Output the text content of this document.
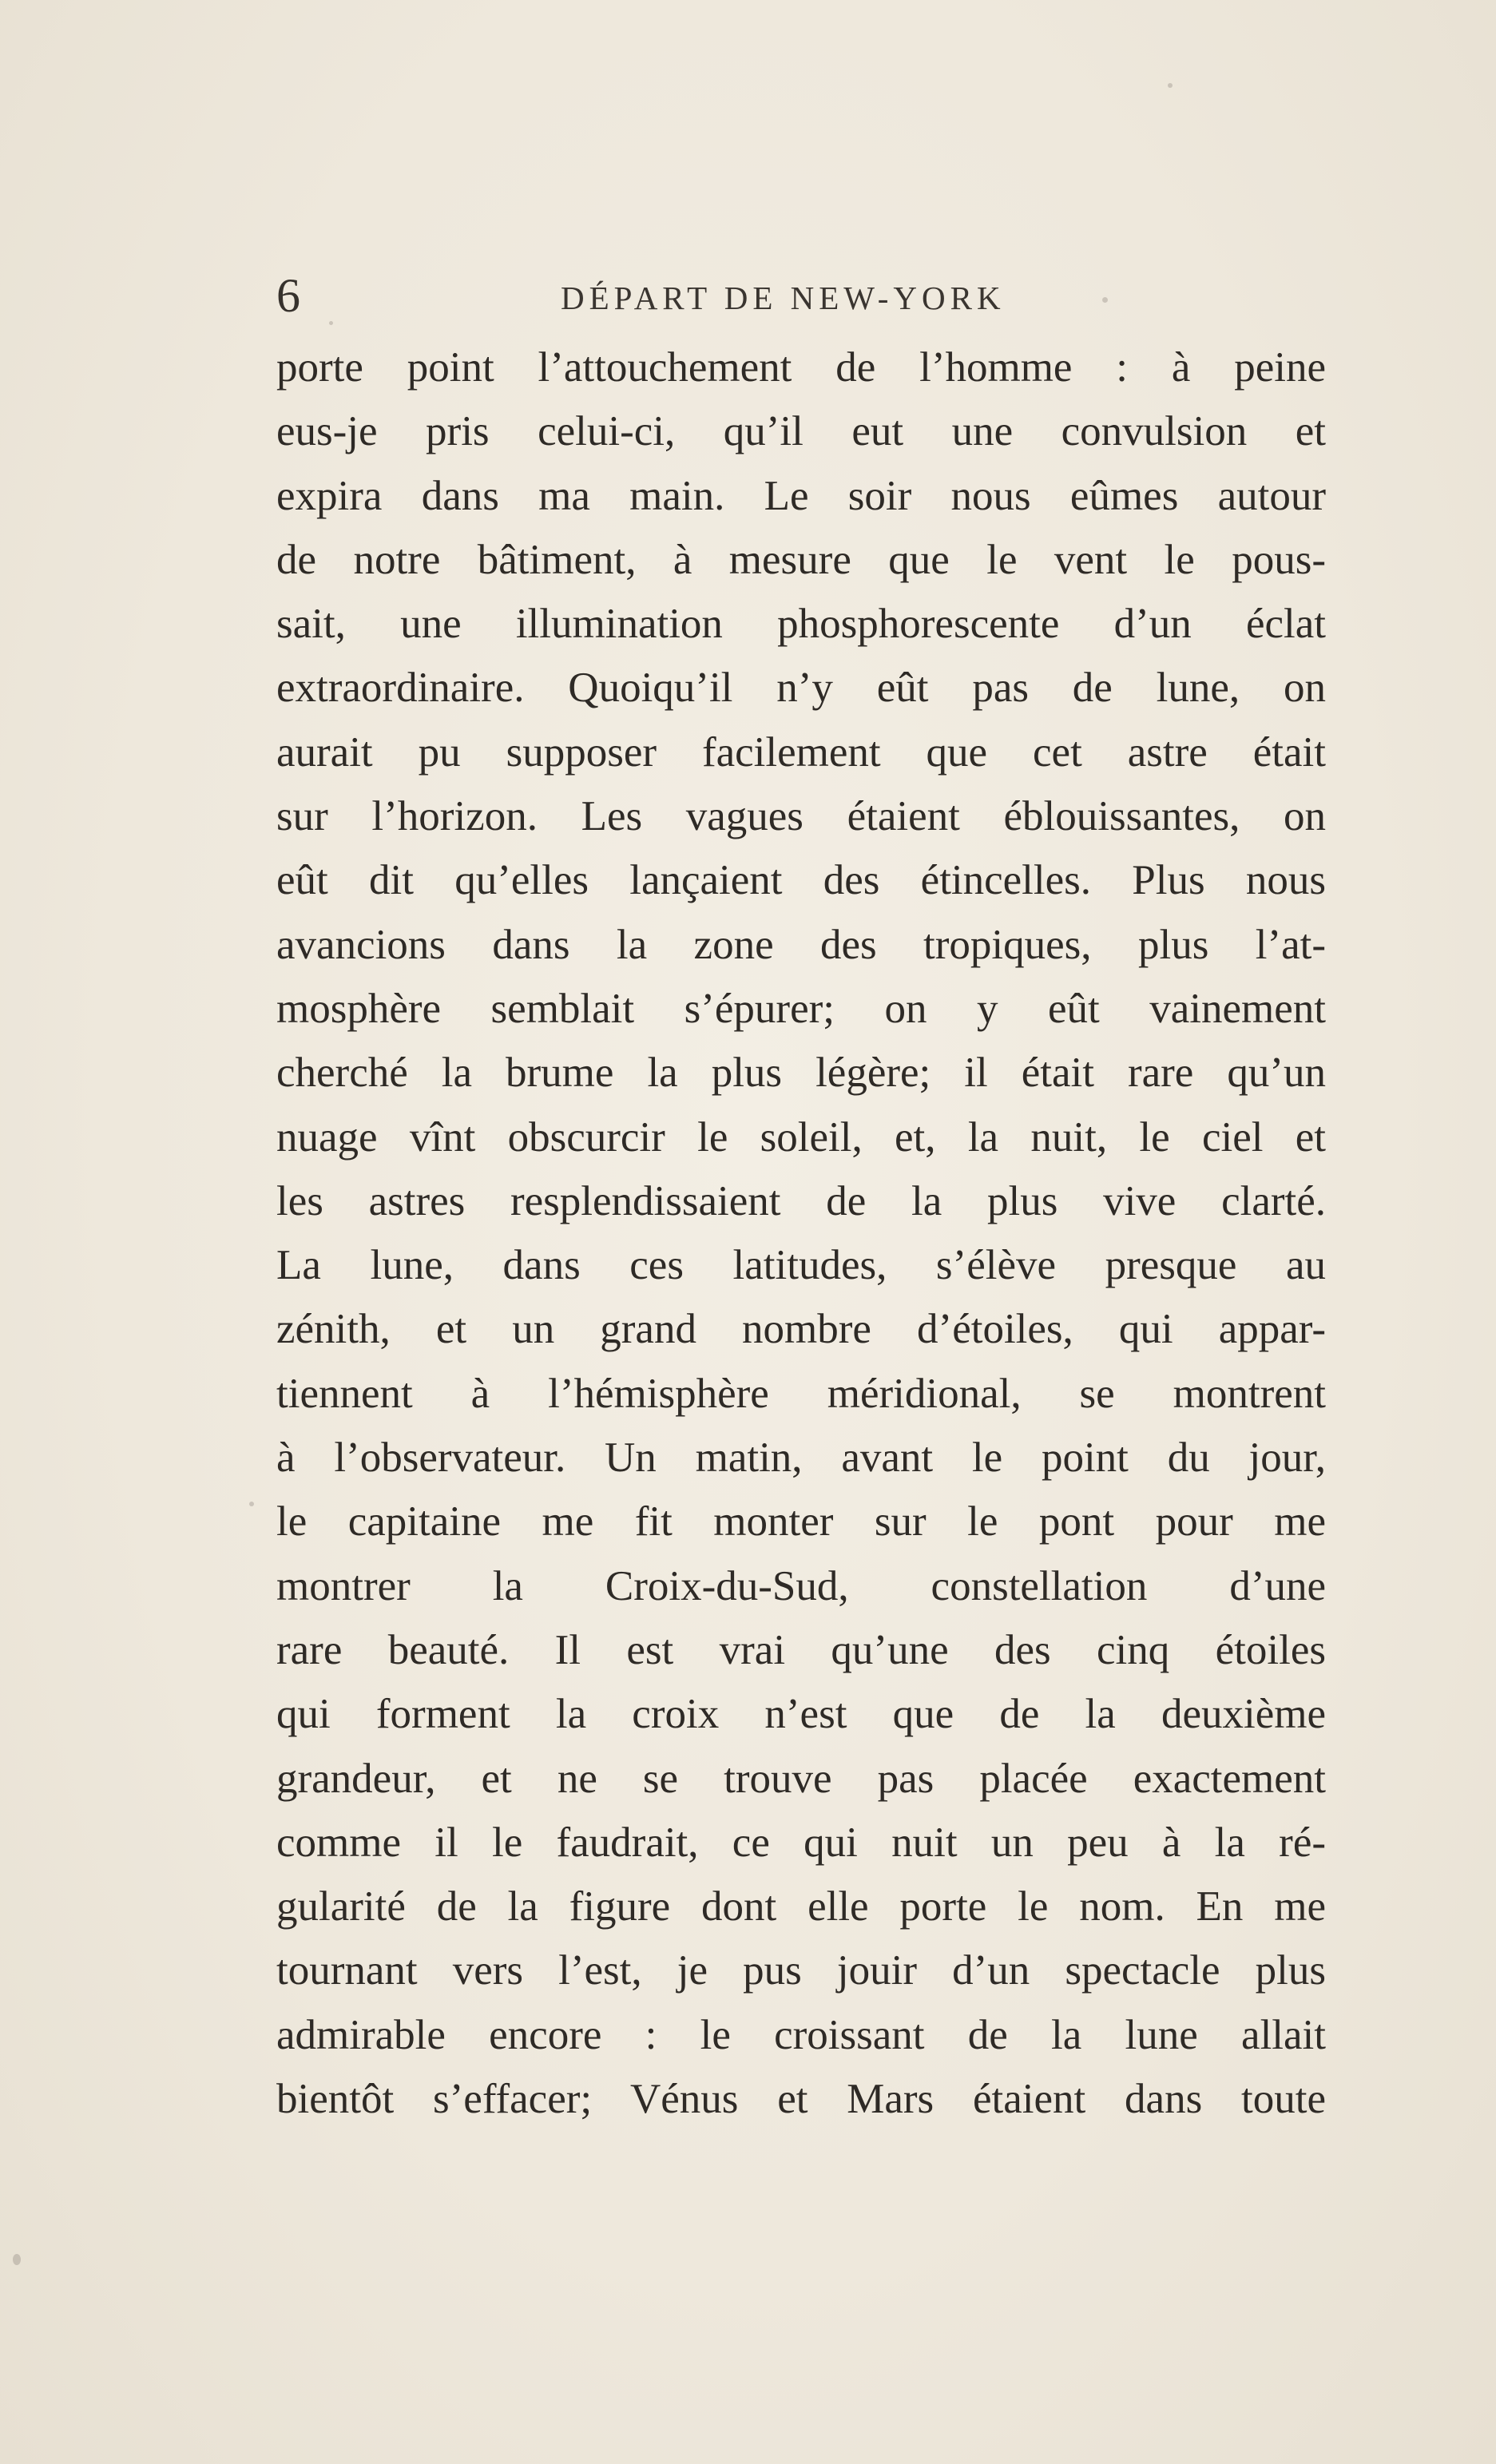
6	DÉPART DE NEW-YORK
porte point l’attouchement de l’homme : à peine
eus-je pris celui-ci, qu’il eut une convulsion et
expira dans ma main. Le soir nous eûmes autour
de notre bâtiment, à mesure que le vent le pous-
sait, une illumination phosphorescente d’un éclat
extraordinaire. Quoiqu’il n’y eût pas de lune, on
aurait pu supposer facilement que cet astre était
sur l’horizon. Les vagues étaient éblouissantes, on
eût dit qu’elles lançaient des étincelles. Plus nous
avancions dans la zone des tropiques, plus l’at-
mosphère semblait s’épurer; on y eût vainement
cherché la brume la plus légère; il était rare qu’un
nuage vînt obscurcir le soleil, et, la nuit, le ciel et
les astres resplendissaient de la plus vive clarté.
La lune, dans ces latitudes, s’élève presque au
zénith, et un grand nombre d’étoiles, qui appar-
tiennent à l’hémisphère méridional, se montrent
à l’observateur. Un matin, avant le point du jour,
le capitaine me fit monter sur le pont pour me
montrer la Croix-du-Sud, constellation d’une
rare beauté. Il est vrai qu’une des cinq étoiles
qui forment la croix n’est que de la deuxième
grandeur, et ne se trouve pas placée exactement
comme il le faudrait, ce qui nuit un peu à la ré-
gularité de la figure dont elle porte le nom. En me
tournant vers l’est, je pus jouir d’un spectacle plus
admirable encore : le croissant de la lune allait
bientôt s’effacer; Vénus et Mars étaient dans toute
